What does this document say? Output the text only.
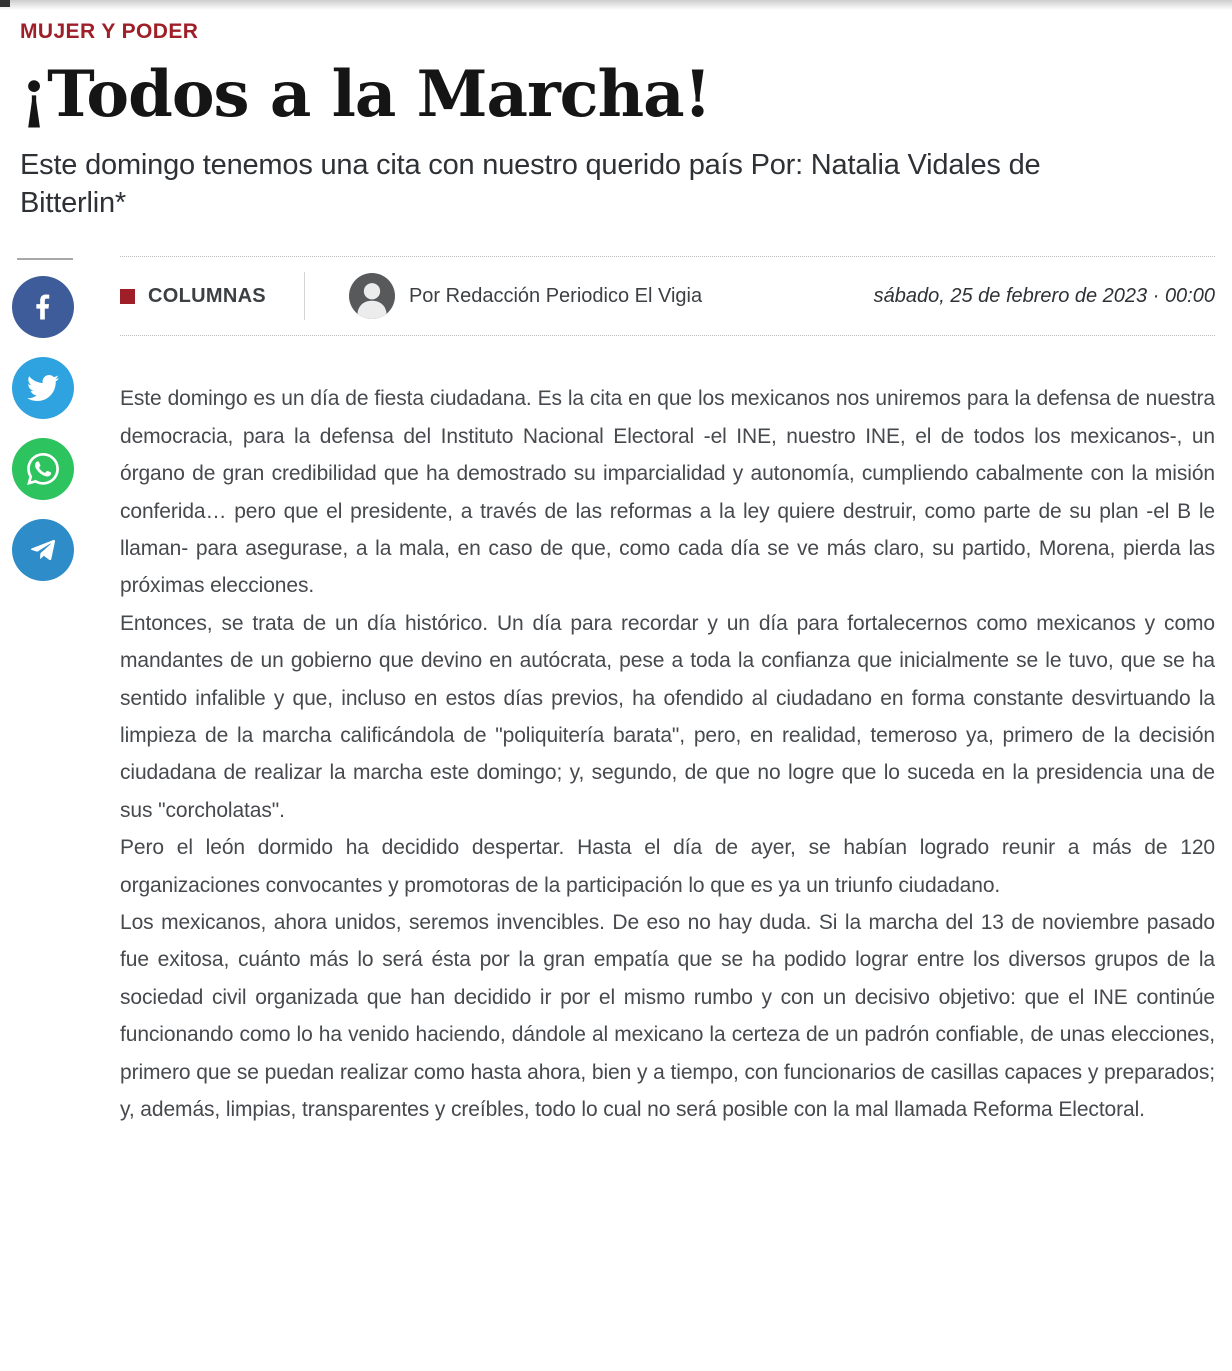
MUJER Y PODER
¡Todos a la Marcha!
Este domingo tenemos una cita con nuestro querido país Por: Natalia Vidales de Bitterlin*
COLUMNAS	Por Redacción Periodico El Vigia	sábado, 25 de febrero de 2023 · 00:00

Este domingo es un día de fiesta ciudadana. Es la cita en que los mexicanos nos uniremos para la defensa de nuestra democracia, para la defensa del Instituto Nacional Electoral -el INE, nuestro INE, el de todos los mexicanos-, un órgano de gran credibilidad que ha demostrado su imparcialidad y autonomía, cumpliendo cabalmente con la misión conferida… pero que el presidente, a través de las reformas a la ley quiere destruir, como parte de su plan -el B le llaman- para asegurase, a la mala, en caso de que, como cada día se ve más claro, su partido, Morena, pierda las próximas elecciones.

Entonces, se trata de un día histórico. Un día para recordar y un día para fortalecernos como mexicanos y como mandantes de un gobierno que devino en autócrata, pese a toda la confianza que inicialmente se le tuvo, que se ha sentido infalible y que, incluso en estos días previos, ha ofendido al ciudadano en forma constante desvirtuando la limpieza de la marcha calificándola de "poliquitería barata", pero, en realidad, temeroso ya, primero de la decisión ciudadana de realizar la marcha este domingo; y, segundo, de que no logre que lo suceda en la presidencia una de sus "corcholatas".

Pero el león dormido ha decidido despertar. Hasta el día de ayer, se habían logrado reunir a más de 120 organizaciones convocantes y promotoras de la participación lo que es ya un triunfo ciudadano.

Los mexicanos, ahora unidos, seremos invencibles. De eso no hay duda. Si la marcha del 13 de noviembre pasado fue exitosa, cuánto más lo será ésta por la gran empatía que se ha podido lograr entre los diversos grupos de la sociedad civil organizada que han decidido ir por el mismo rumbo y con un decisivo objetivo: que el INE continúe funcionando como lo ha venido haciendo, dándole al mexicano la certeza de un padrón confiable, de unas elecciones, primero que se puedan realizar como hasta ahora, bien y a tiempo, con funcionarios de casillas capaces y preparados; y, además, limpias, transparentes y creíbles, todo lo cual no será posible con la mal llamada Reforma Electoral.
